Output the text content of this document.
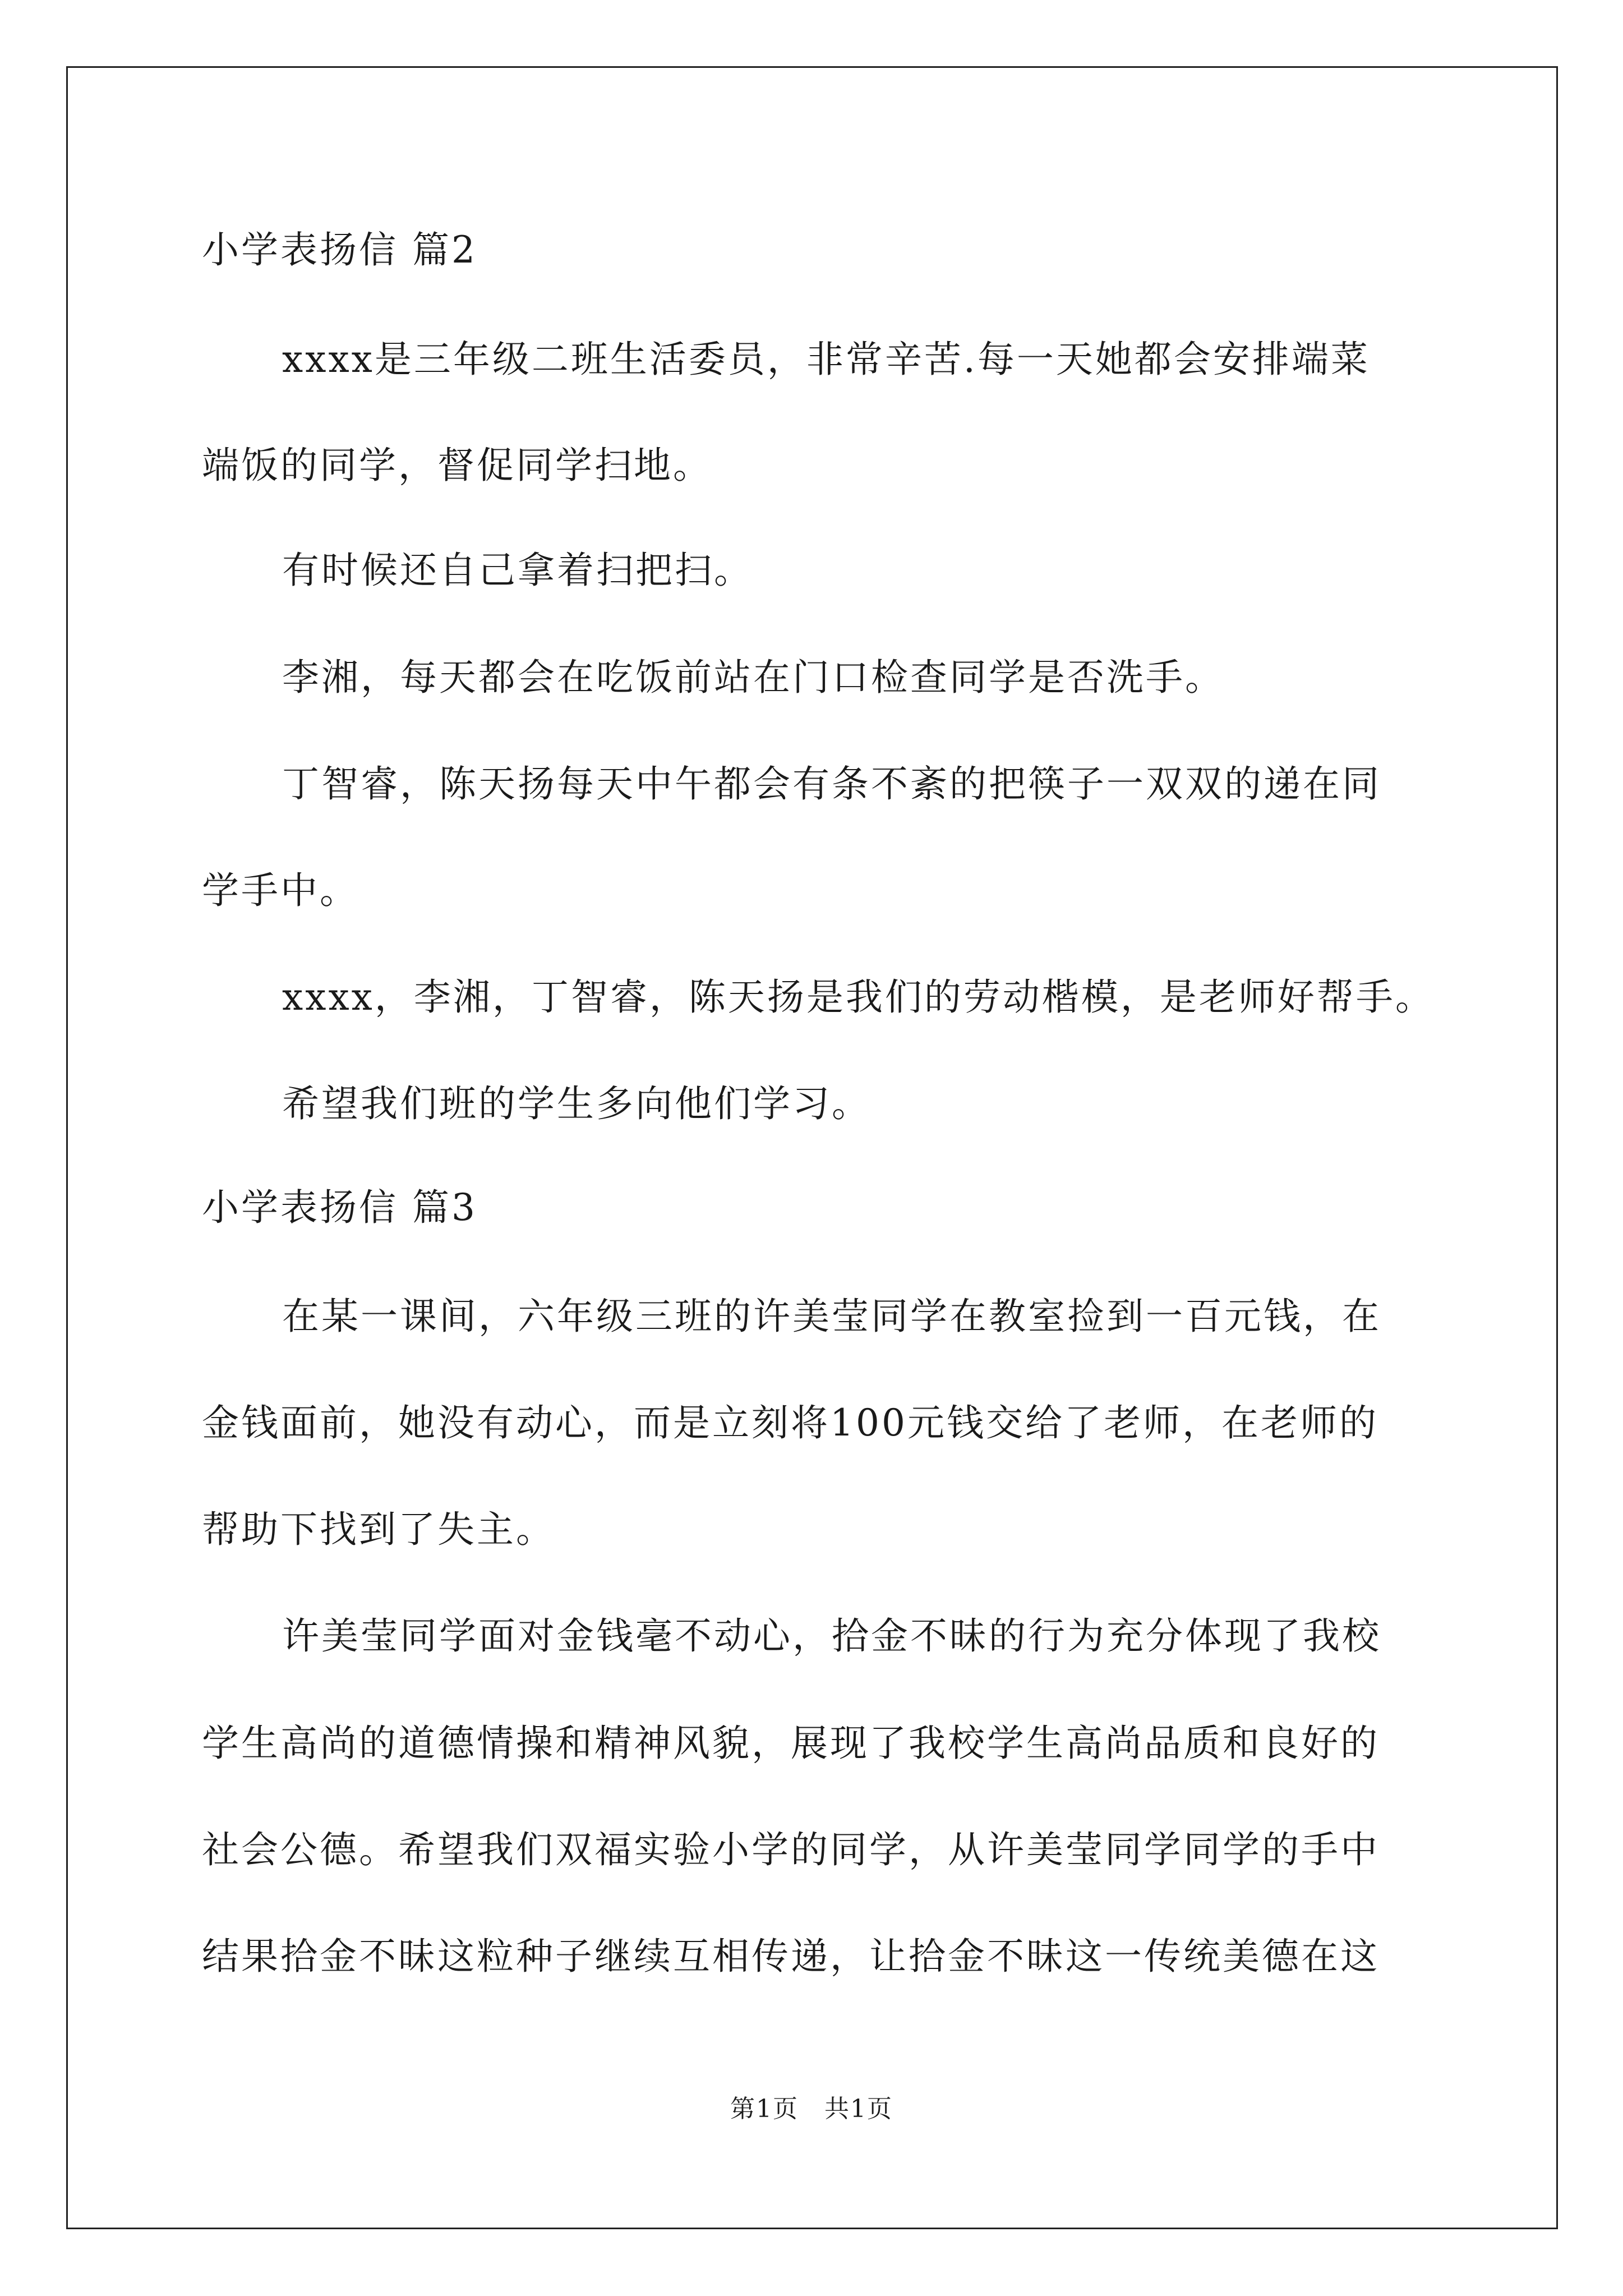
小学表扬信 篇2
xxxx是三年级二班生活委员，非常辛苦.每一天她都会安排端菜
端饭的同学，督促同学扫地。
有时候还自己拿着扫把扫。
李湘，每天都会在吃饭前站在门口检查同学是否洗手。
丁智睿，陈天扬每天中午都会有条不紊的把筷子一双双的递在同
学手中。
xxxx，李湘，丁智睿，陈天扬是我们的劳动楷模，是老师好帮手。
希望我们班的学生多向他们学习。
小学表扬信 篇3
在某一课间，六年级三班的许美莹同学在教室捡到一百元钱，在
金钱面前，她没有动心，而是立刻将100元钱交给了老师，在老师的
帮助下找到了失主。
许美莹同学面对金钱毫不动心，拾金不昧的行为充分体现了我校
学生高尚的道德情操和精神风貌，展现了我校学生高尚品质和良好的
社会公德。希望我们双福实验小学的同学，从许美莹同学同学的手中
结果拾金不昧这粒种子继续互相传递，让拾金不昧这一传统美德在这
第1页　共1页
